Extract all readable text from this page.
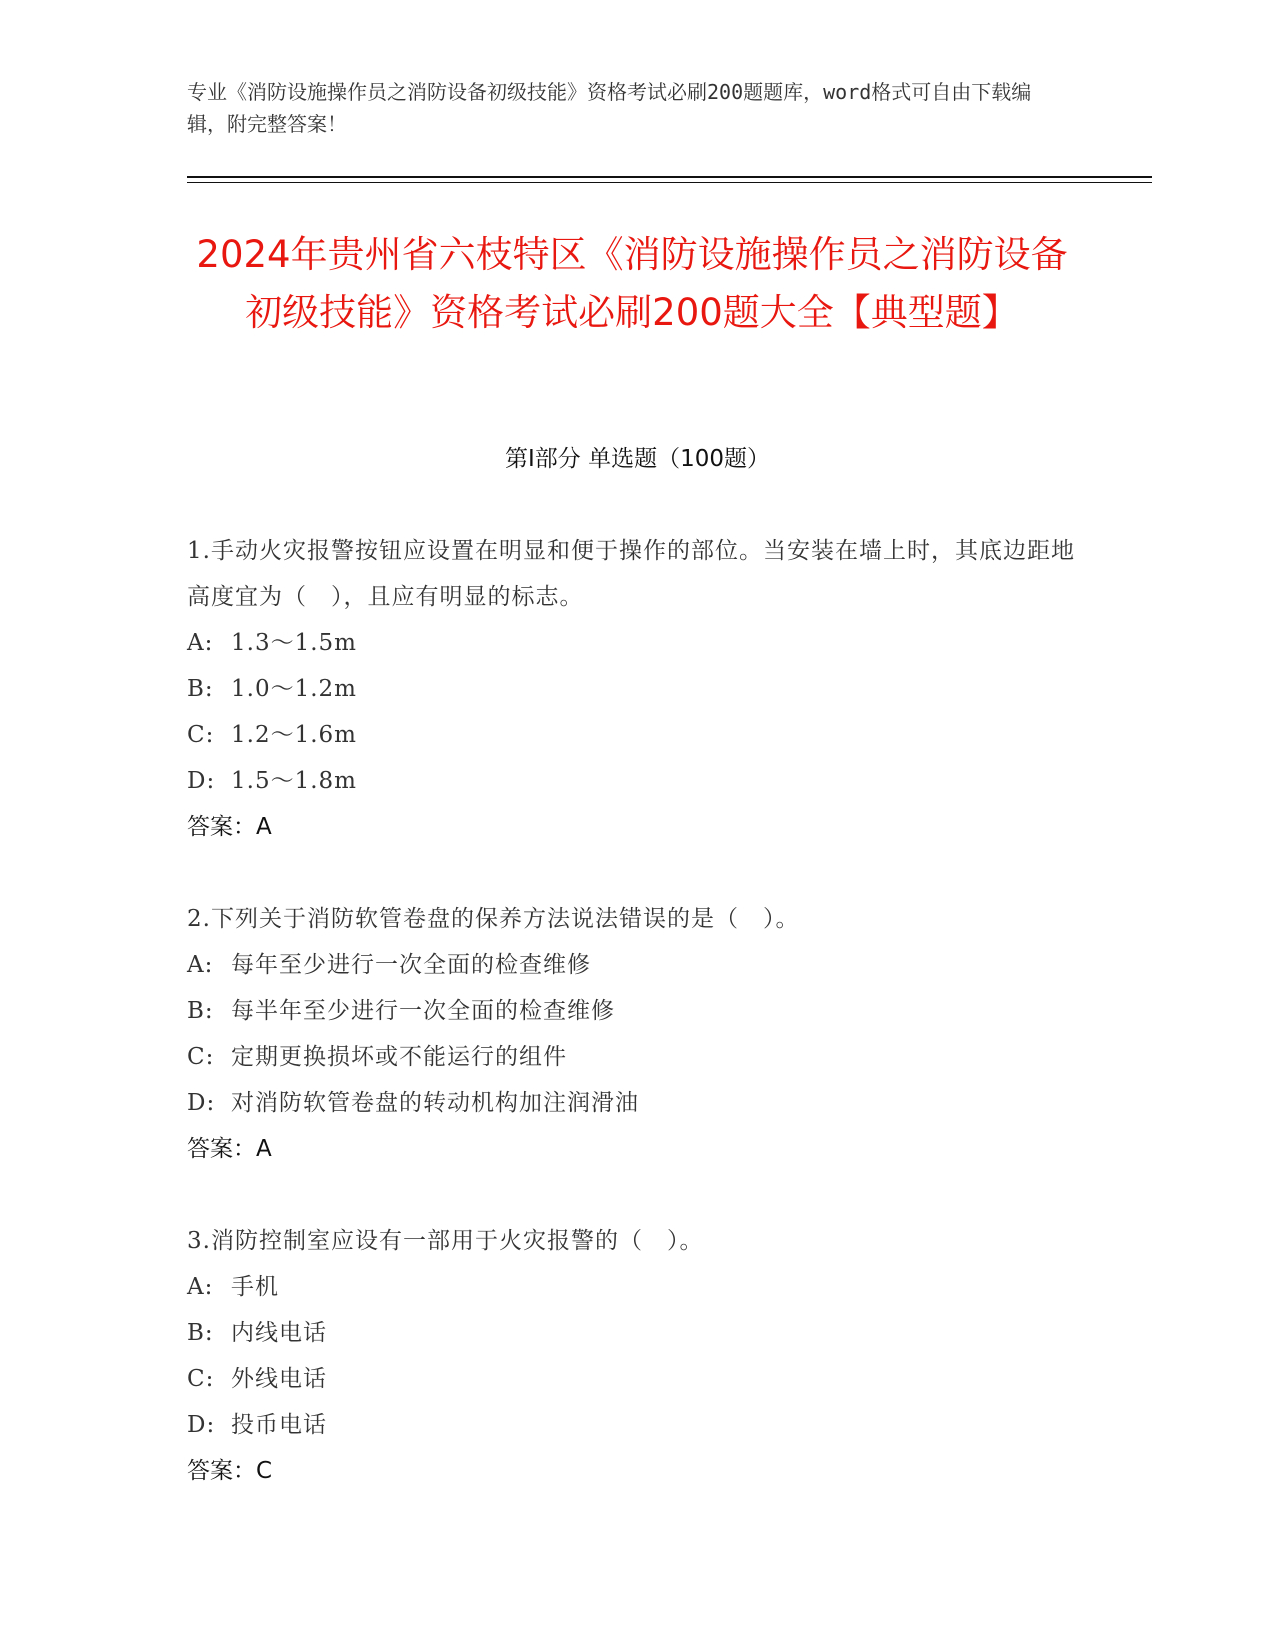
专业《消防设施操作员之消防设备初级技能》资格考试必刷200题题库，word格式可自由下载编辑，附完整答案！
2024年贵州省六枝特区《消防设施操作员之消防设备初级技能》资格考试必刷200题大全【典型题】
第I部分 单选题（100题）
1.手动火灾报警按钮应设置在明显和便于操作的部位。当安装在墙上时，其底边距地高度宜为（　），且应有明显的标志。
A: 1.3～1.5m
B: 1.0～1.2m
C: 1.2～1.6m
D: 1.5～1.8m
答案：A
2.下列关于消防软管卷盘的保养方法说法错误的是（　）。
A: 每年至少进行一次全面的检查维修
B: 每半年至少进行一次全面的检查维修
C: 定期更换损坏或不能运行的组件
D: 对消防软管卷盘的转动机构加注润滑油
答案：A
3.消防控制室应设有一部用于火灾报警的（　）。
A: 手机
B: 内线电话
C: 外线电话
D: 投币电话
答案：C
